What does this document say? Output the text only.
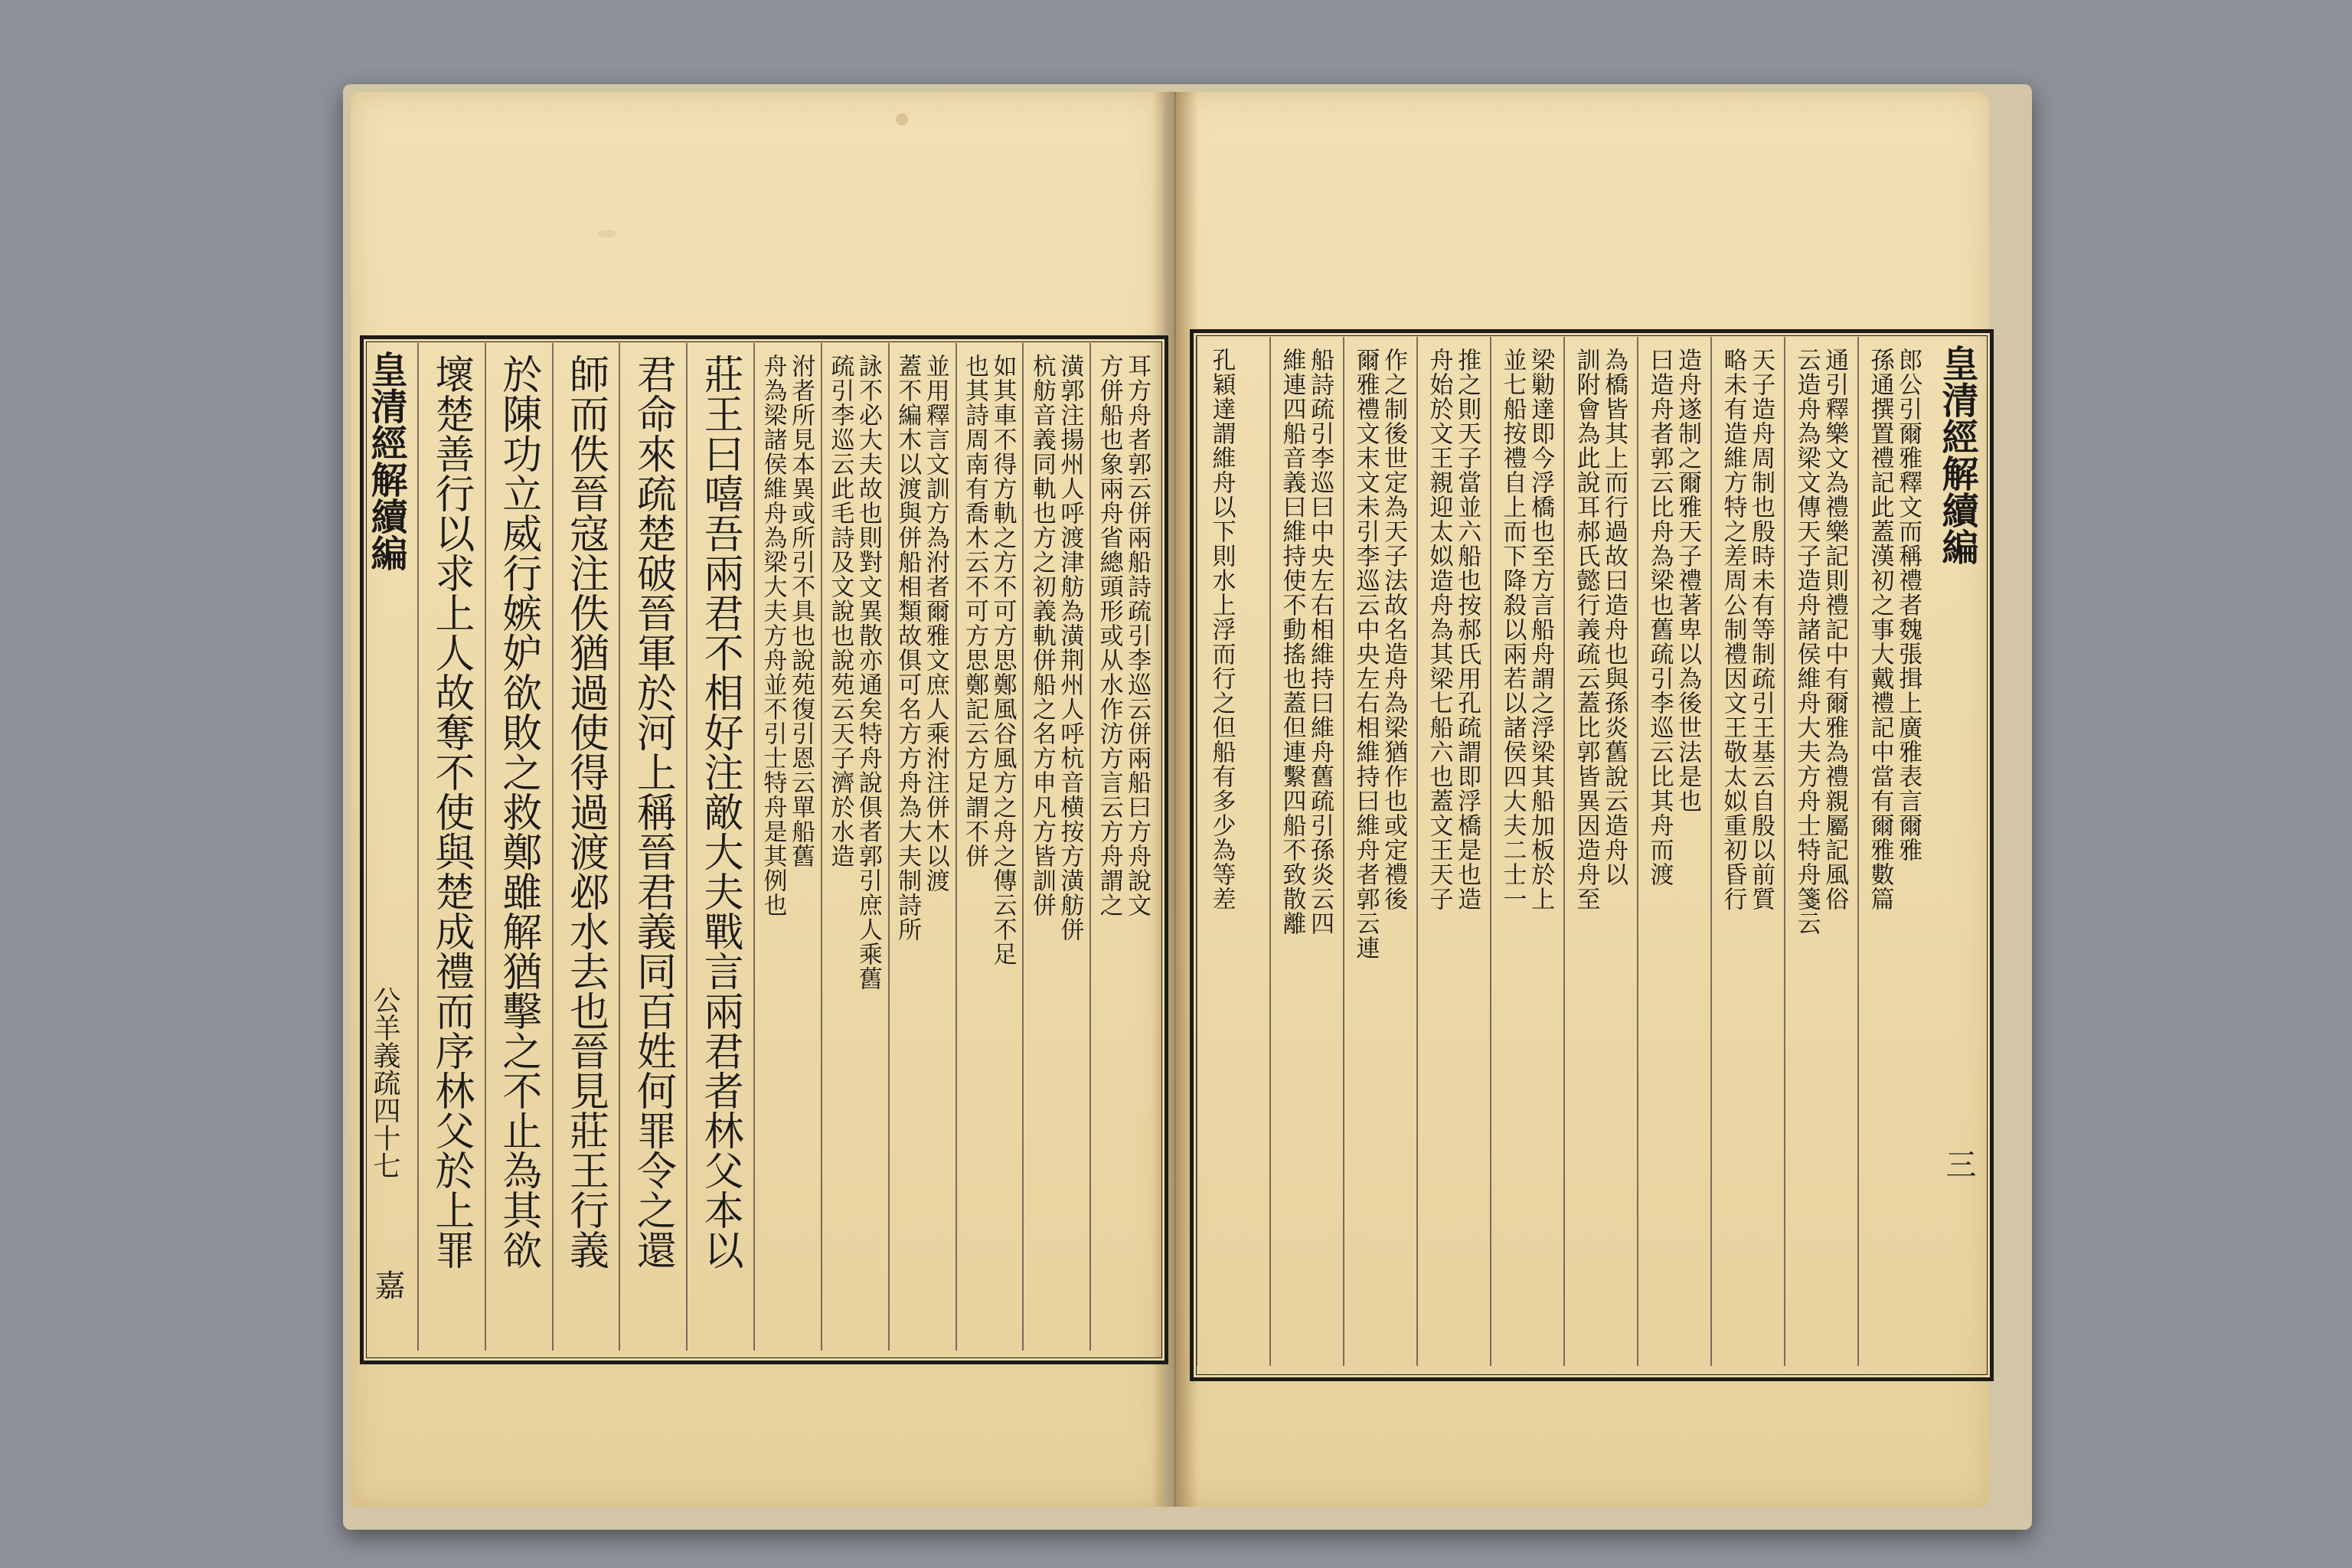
皇清經解續編
公羊義疏四十七
嘉
耳方舟者郭云併兩船詩疏引李巡云併兩船曰方舟說文
方併船也象兩舟省總頭形或从水作汸方言云方舟謂之
潢郭注揚州人呼渡津舫為潢荆州人呼杭音横按方潢舫併
杭舫音義同軌也方之初義軌併船之名方申凡方皆訓併
如其車不得方軌之方不可方思鄭風谷風方之舟之傳云不足
也其詩周南有喬木云不可方思鄭記云方足謂不併
並用釋言文訓方為泭者爾雅文庶人乘泭注併木以渡
蓋不編木以渡與併船相類故俱可名方方舟為大夫制詩所
詠不必大夫故也則對文異散亦通矣特舟說俱者郭引庶人乘舊
疏引李巡云此毛詩及文說也說苑云天子濟於水造
泭者所見本異或所引不具也說苑復引恩云單船舊
舟為梁諸侯維舟為梁大夫方舟並不引士特舟是其例也
莊王曰嘻吾兩君不相好注敵大夫戰言兩君者林父本以
君命來疏楚破晉軍於河上稱晉君義同百姓何罪令之還
師而佚晉寇注佚猶過使得過渡邲水去也晉見莊王行義
於陳功立威行嫉妒欲敗之救鄭雖解猶擊之不止為其欲
壞楚善行以求上人故奪不使與楚成禮而序林父於上罪	皇清經解續編
三
郎公引爾雅釋文而稱禮者魏張揖上廣雅表言爾雅
孫通撰置禮記此蓋漢初之事大戴禮記中當有爾雅數篇
通引釋樂文為禮樂記則禮記中有爾雅為禮親屬記風俗
云造舟為梁文傳天子造舟諸侯維舟大夫方舟士特舟箋云
天子造舟周制也殷時未有等制疏引王基云自殷以前質
略未有造維方特之差周公制禮因文王敬太姒重初昏行
造舟遂制之爾雅天子禮著卑以為後世法是也
曰造舟者郭云比舟為梁也舊疏引李巡云比其舟而渡
為橋皆其上而行過故曰造舟也與孫炎舊說云造舟以
訓附會為此說耳郝氏懿行義疏云蓋比郭皆異因造舟至
梁勦達即今浮橋也至方言船舟謂之浮梁其船加板於上
並七船按禮自上而下降殺以兩若以諸侯四大夫二士一
推之則天子當並六船也按郝氏用孔疏謂即浮橋是也造
舟始於文王親迎太姒造舟為其梁七船六也蓋文王天子
作之制後世定為天子法故名造舟為梁猶作也或定禮後
爾雅禮文末文未引李巡云中央左右相維持曰維舟者郭云連
船詩疏引李巡曰中央左右相維持曰維舟舊疏引孫炎云四
維連四船音義曰維持使不動搖也蓋但連繫四船不致散離
孔穎達謂維舟以下則水上浮而行之但船有多少為等差
